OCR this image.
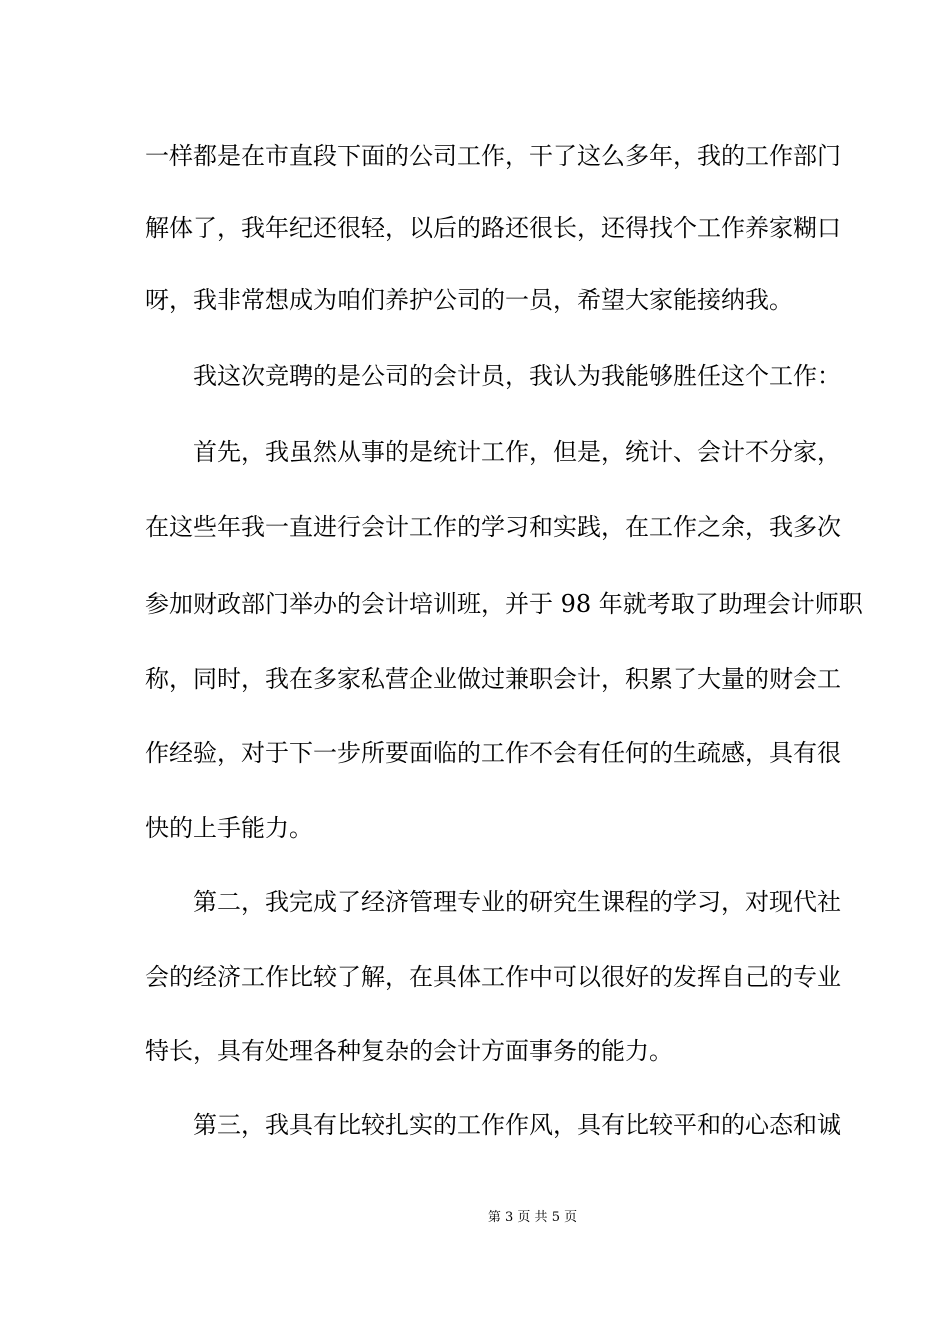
一样都是在市直段下面的公司工作，干了这么多年，我的工作部门
解体了，我年纪还很轻，以后的路还很长，还得找个工作养家糊口
呀，我非常想成为咱们养护公司的一员，希望大家能接纳我。
我这次竞聘的是公司的会计员，我认为我能够胜任这个工作：
首先，我虽然从事的是统计工作，但是，统计、会计不分家，
在这些年我一直进行会计工作的学习和实践，在工作之余，我多次
参加财政部门举办的会计培训班，并于 98 年就考取了助理会计师职
称，同时，我在多家私营企业做过兼职会计，积累了大量的财会工
作经验，对于下一步所要面临的工作不会有任何的生疏感，具有很
快的上手能力。
第二，我完成了经济管理专业的研究生课程的学习，对现代社
会的经济工作比较了解，在具体工作中可以很好的发挥自己的专业
特长，具有处理各种复杂的会计方面事务的能力。
第三，我具有比较扎实的工作作风，具有比较平和的心态和诚
第 3 页 共 5 页
